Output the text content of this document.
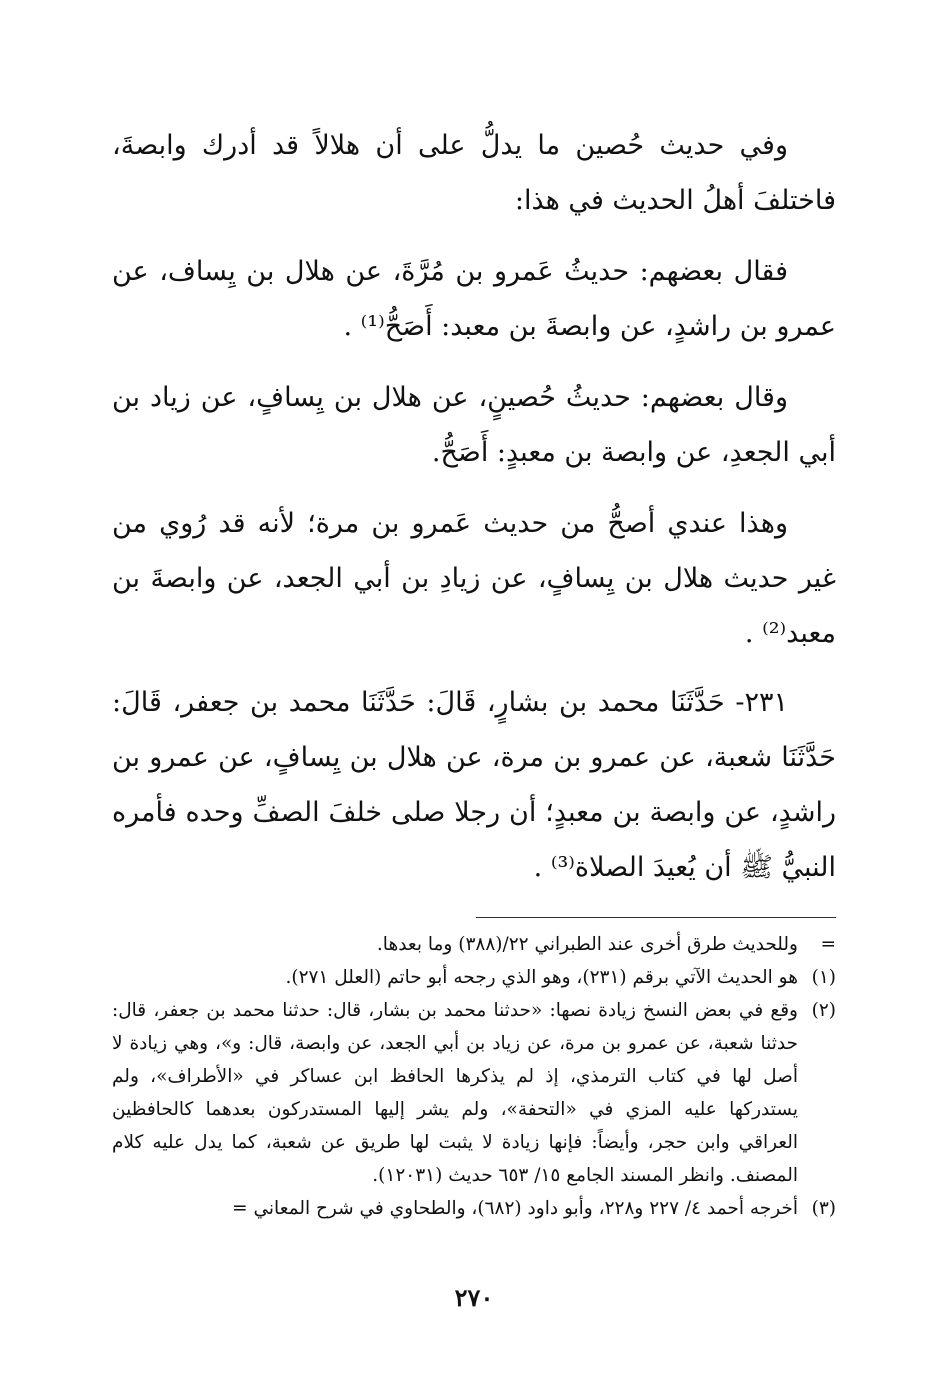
وفي حديث حُصين ما يدلُّ على أن هلالاً قد أدرك وابصةَ، فاختلفَ أهلُ الحديث في هذا:

فقال بعضهم: حديثُ عَمرو بن مُرَّةَ، عن هلال بن يِساف، عن عمرو بن راشدٍ، عن وابصةَ بن معبد: أَصَحُّ⁽¹⁾ .

وقال بعضهم: حديثُ حُصينٍ، عن هلال بن يِسافٍ، عن زياد بن أبي الجعدِ، عن وابصة بن معبدٍ: أَصَحُّ.

وهذا عندي أصحُّ من حديث عَمرو بن مرة؛ لأنه قد رُوي من غير حديث هلال بن يِسافٍ، عن زيادِ بن أبي الجعد، عن وابصةَ بن معبد⁽²⁾ .

٢٣١- حَدَّثَنَا محمد بن بشارٍ، قَالَ: حَدَّثَنَا محمد بن جعفر، قَالَ: حَدَّثَنَا شعبة، عن عمرو بن مرة، عن هلال بن يِسافٍ، عن عمرو بن راشدٍ، عن وابصة بن معبدٍ؛ أن رجلا صلى خلفَ الصفِّ وحده فأمره النبيُّ ﷺ أن يُعيدَ الصلاة⁽³⁾ .

=
وللحديث طرق أخرى عند الطبراني ٢٢/(٣٨٨) وما بعدها.
(١)
هو الحديث الآتي برقم (٢٣١)، وهو الذي رجحه أبو حاتم (العلل ٢٧١).
(٢)
وقع في بعض النسخ زيادة نصها: «حدثنا محمد بن بشار، قال: حدثنا محمد بن جعفر، قال: حدثنا شعبة، عن عمرو بن مرة، عن زياد بن أبي الجعد، عن وابصة، قال: و»، وهي زيادة لا أصل لها في كتاب الترمذي، إذ لم يذكرها الحافظ ابن عساكر في «الأطراف»، ولم يستدركها عليه المزي في «التحفة»، ولم يشر إليها المستدركون بعدهما كالحافظين العراقي وابن حجر، وأيضاً: فإنها زيادة لا يثبت لها طريق عن شعبة، كما يدل عليه كلام المصنف. وانظر المسند الجامع ١٥/ ٦٥٣ حديث (١٢٠٣١).
(٣)
أخرجه أحمد ٤/ ٢٢٧ و٢٢٨، وأبو داود (٦٨٢)، والطحاوي في شرح المعاني =
٢٧٠
